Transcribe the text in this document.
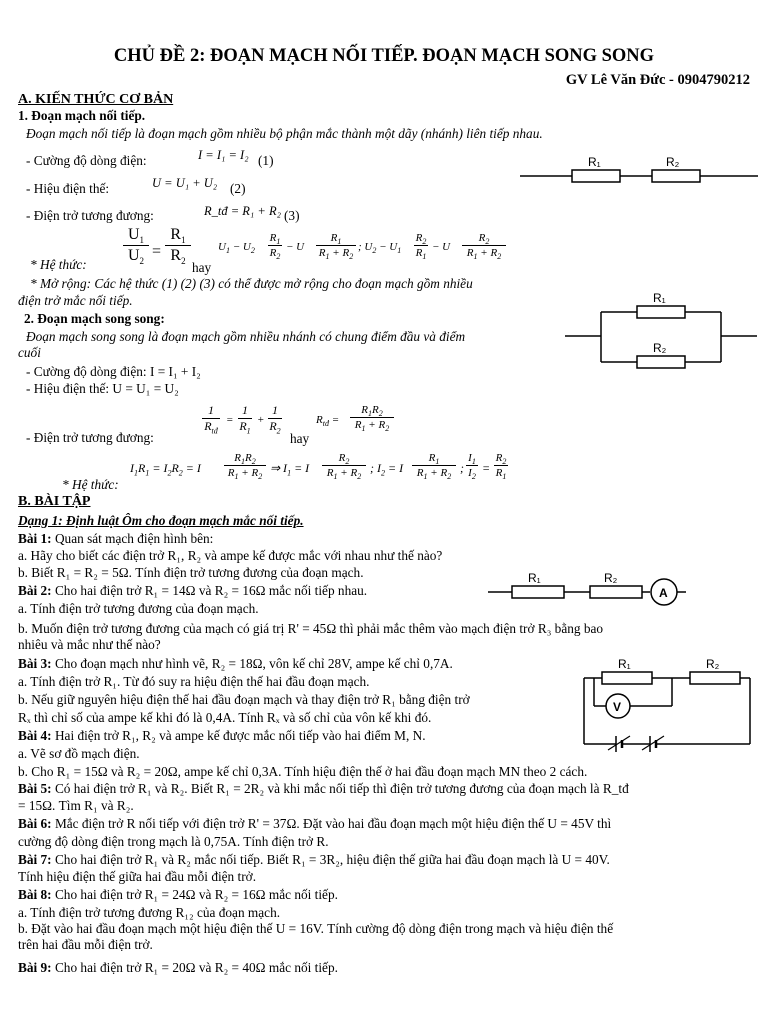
CHỦ ĐỀ 2: ĐOẠN MẠCH NỐI TIẾP. ĐOẠN MẠCH SONG SONG
GV Lê Văn Đức - 0904790212
A. KIẾN THỨC CƠ BẢN
1. Đoạn mạch nối tiếp.
Đoạn mạch nối tiếp là đoạn mạch gồm nhiều bộ phận mắc thành một dãy (nhánh) liên tiếp nhau.
- Cường độ dòng điện:	I = I₁ = I₂ (1)
- Hiệu điện thế:	U = U₁ + U₂ (2)
- Điện trở tương đương:	R_tđ = R₁ + R₂ (3)
$U_1$
$U_2$
=
$R_1$
$R_2$
* Hệ thức:	hay
$U_1 - U_2$
$R_1$
$R_2$
− U
$R_1$
$R_1 + R_2$
; $U_2 - U_1$
$R_2$
$R_1$
− U
$R_2$
$R_1 + R_2$
* Mở rộng: Các hệ thức (1) (2) (3) có thể được mở rộng cho đoạn mạch gồm nhiều
điện trở mắc nối tiếp.
2. Đoạn mạch song song:
Đoạn mạch song song là đoạn mạch gồm nhiều nhánh có chung điểm đầu và điểm
cuối
- Cường độ dòng điện: I = I₁ + I₂
- Hiệu điện thế: U = U₁ = U₂
- Điện trở tương đương:
1
$R_{tđ}$
=
1
$R_1$
+
1
$R_2$ hay
$R_{tđ}$ =
$R_1R_2$
$R_1 + R_2$
$I_1R_1 = I_2R_2 = I$
$R_1R_2$
$R_1 + R_2$
⇒ $I_1 = I$
$R_2$
$R_1 + R_2$
; $I_2 = I$
$R_1$
$R_1 + R_2$
;
$I_1$
$I_2$
=
$R_2$
$R_1$
* Hệ thức:
B. BÀI TẬP
Dạng 1: Định luật Ôm cho đoạn mạch mắc nối tiếp.
Bài 1: Quan sát mạch điện hình bên:
a. Hãy cho biết các điện trở R₁, R₂ và ampe kế được mắc với nhau như thế nào?
b. Biết R₁ = R₂ = 5Ω. Tính điện trở tương đương của đoạn mạch.
Bài 2: Cho hai điện trở R₁ = 14Ω và R₂ = 16Ω mắc nối tiếp nhau.
a. Tính điện trở tương đương của đoạn mạch.
b. Muốn điện trở tương đương của mạch có giá trị R' = 45Ω thì phải mắc thêm vào mạch điện trở R₃ bằng bao
nhiêu và mắc như thế nào?
Bài 3: Cho đoạn mạch như hình vẽ, R₂ = 18Ω, vôn kế chỉ 28V, ampe kế chỉ 0,7A.
a. Tính điện trở R₁. Từ đó suy ra hiệu điện thế hai đầu đoạn mạch.
b. Nếu giữ nguyên hiệu điện thế hai đầu đoạn mạch và thay điện trở R₁ bằng điện trở
Rₓ thì chỉ số của ampe kế khi đó là 0,4A. Tính Rₓ và số chỉ của vôn kế khi đó.
Bài 4: Hai điện trở R₁, R₂ và ampe kế được mắc nối tiếp vào hai điểm M, N.
a. Vẽ sơ đồ mạch điện.
b. Cho R₁ = 15Ω và R₂ = 20Ω, ampe kế chỉ 0,3A. Tính hiệu điện thế ở hai đầu đoạn mạch MN theo 2 cách.
Bài 5: Có hai điện trở R₁ và R₂. Biết R₁ = 2R₂ và khi mắc nối tiếp thì điện trở tương đương của đoạn mạch là R_tđ
= 15Ω. Tìm R₁ và R₂.
Bài 6: Mắc điện trở R nối tiếp với điện trở R' = 37Ω. Đặt vào hai đầu đoạn mạch một hiệu điện thế U = 45V thì
cường độ dòng điện trong mạch là 0,75A. Tính điện trở R.
Bài 7: Cho hai điện trở R₁ và R₂ mắc nối tiếp. Biết R₁ = 3R₂, hiệu điện thế giữa hai đầu đoạn mạch là U = 40V.
Tính hiệu điện thế giữa hai đầu mỗi điện trở.
Bài 8: Cho hai điện trở R₁ = 24Ω và R₂ = 16Ω mắc nối tiếp.
a. Tính điện trở tương đương R₁₂ của đoạn mạch.
b. Đặt vào hai đầu đoạn mạch một hiệu điện thế U = 16V. Tính cường độ dòng điện trong mạch và hiệu điện thế
trên hai đầu mỗi điện trở.
Bài 9: Cho hai điện trở R₁ = 20Ω và R₂ = 40Ω mắc nối tiếp.
R₁	R₂
R₁
R₂
R₁	R₂
A
R₁	R₂
V
